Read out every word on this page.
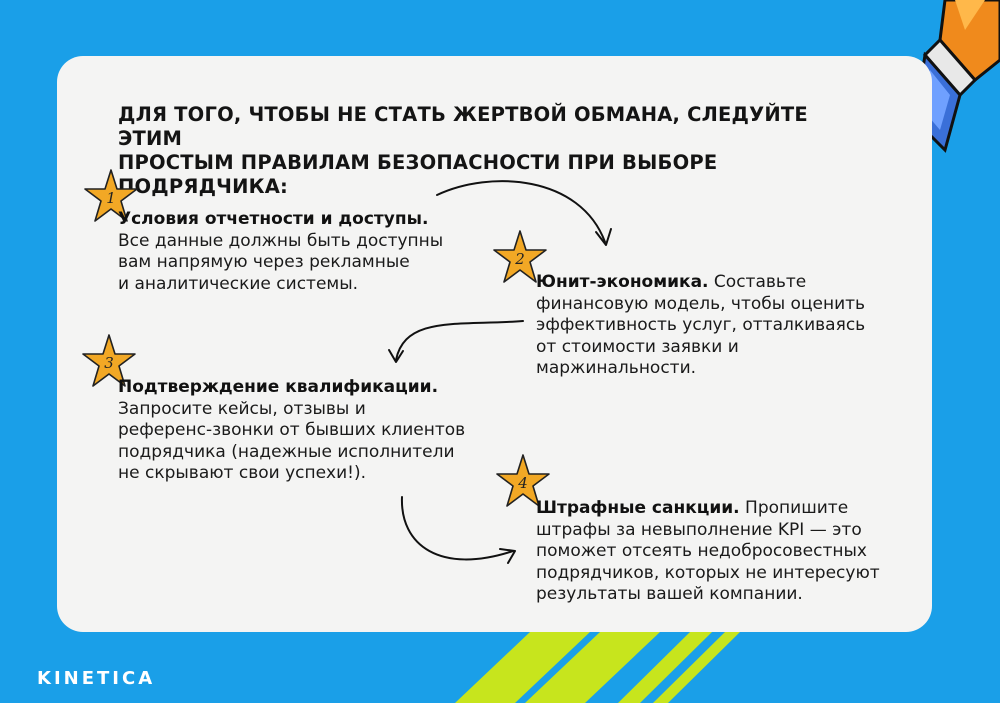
ДЛЯ ТОГО, ЧТОБЫ НЕ СТАТЬ ЖЕРТВОЙ ОБМАНА, СЛЕДУЙТЕ ЭТИМ
ПРОСТЫМ ПРАВИЛАМ БЕЗОПАСНОСТИ ПРИ ВЫБОРЕ ПОДРЯДЧИКА:
1
2
3
4
Условия отчетности и доступы.
Все данные должны быть доступны
вам напрямую через рекламные
и аналитические системы.	Юнит-экономика. Составьте
финансовую модель, чтобы оценить
эффективность услуг, отталкиваясь
от стоимости заявки и
маржинальности.
Подтверждение квалификации.
Запросите кейсы, отзывы и
референс-звонки от бывших клиентов
подрядчика (надежные исполнители
не скрывают свои успехи!).
Штрафные санкции. Пропишите
штрафы за невыполнение KPI — это
поможет отсеять недобросовестных
подрядчиков, которых не интересуют
результаты вашей компании.
KINETICA
